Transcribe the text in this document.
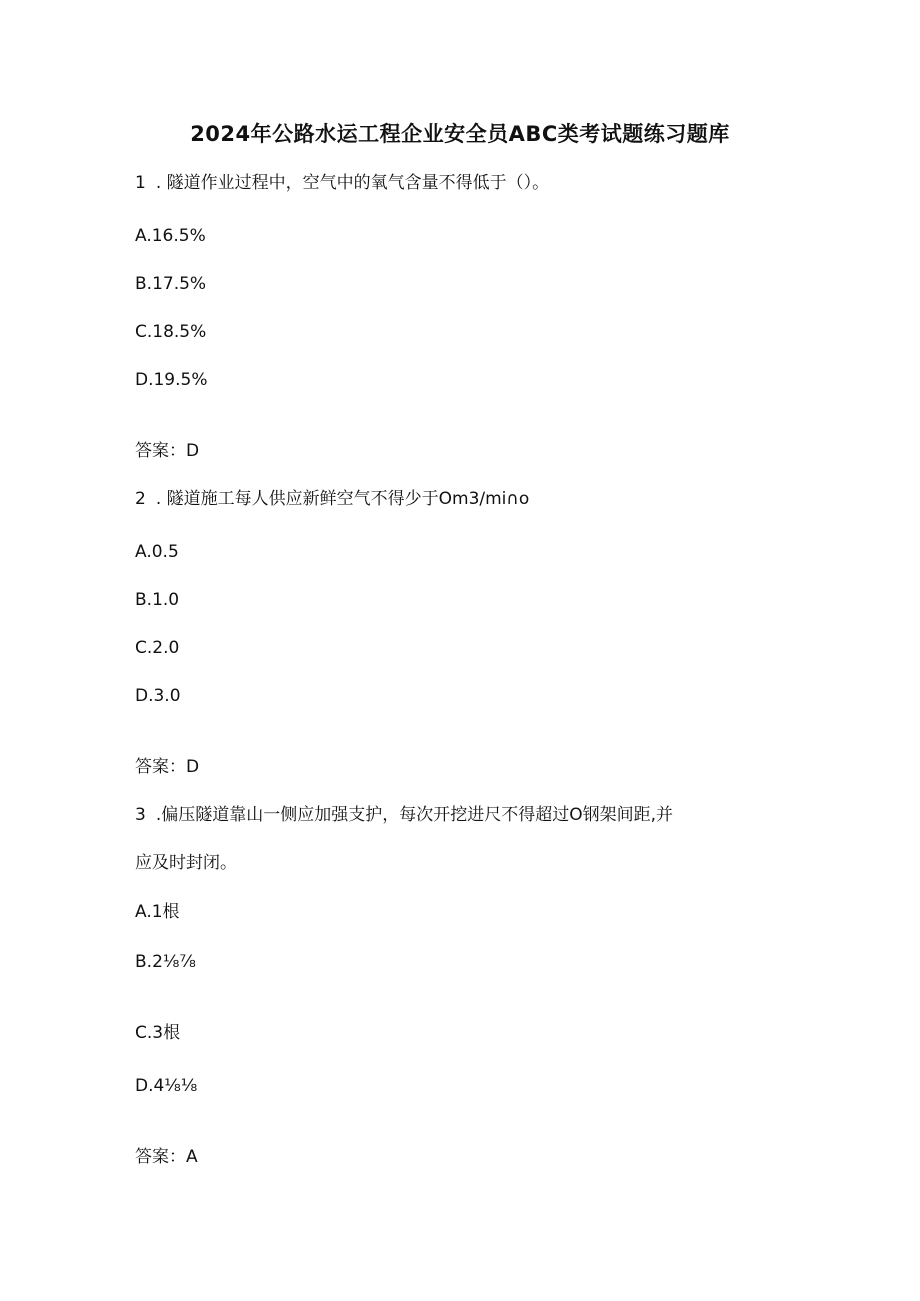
2024年公路水运工程企业安全员ABC类考试题练习题库
1 . 隧道作业过程中，空气中的氧气含量不得低于（）。
A.16.5%
B.17.5%
C.18.5%
D.19.5%
答案：D
2 . 隧道施工每人供应新鲜空气不得少于Om3∕mi∩o
A.0.5
B.1.0
C.2.0
D.3.0
答案：D
3 .偏压隧道靠山一侧应加强支护，每次开挖进尺不得超过O钢架间距,并
应及时封闭。
A.1根
B.2⅛⅞
C.3根
D.4⅛⅛
答案：A
